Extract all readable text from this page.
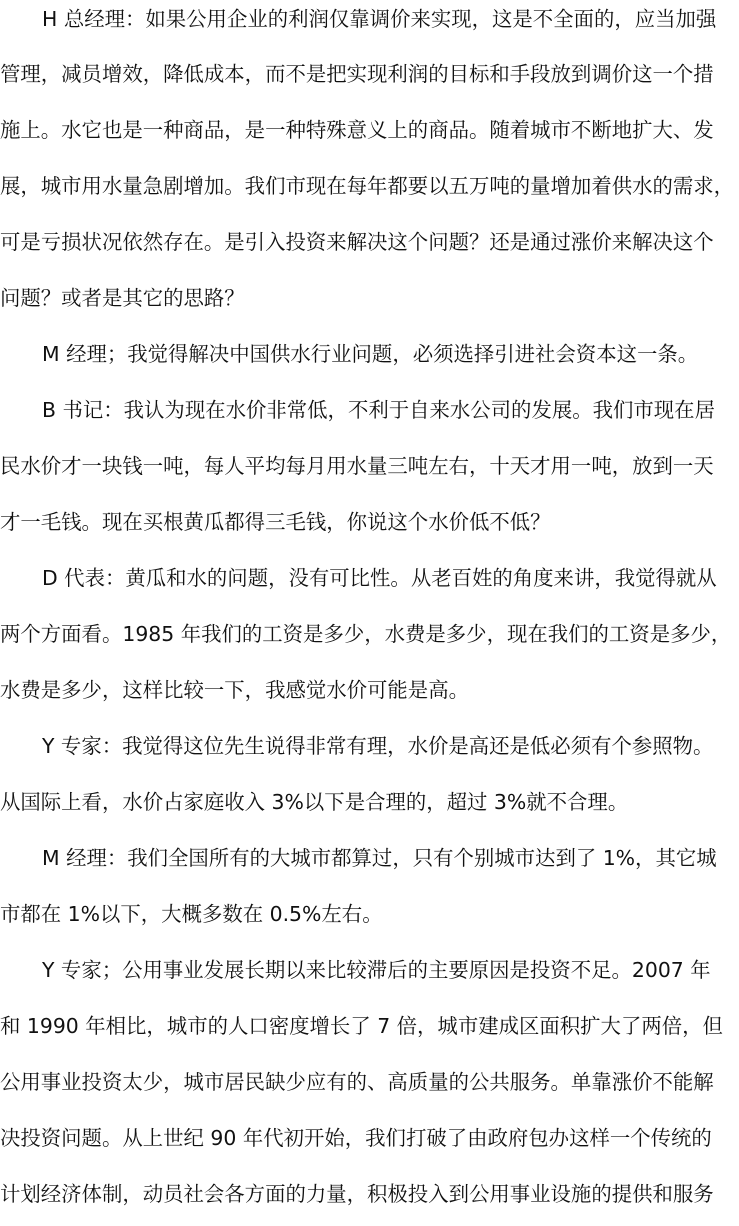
H 总经理：如果公用企业的利润仅靠调价来实现，这是不全面的，应当加强
管理，减员增效，降低成本，而不是把实现利润的目标和手段放到调价这一个措
施上。水它也是一种商品，是一种特殊意义上的商品。随着城市不断地扩大、发
展，城市用水量急剧增加。我们市现在每年都要以五万吨的量增加着供水的需求，
可是亏损状况依然存在。是引入投资来解决这个问题？还是通过涨价来解决这个
问题？或者是其它的思路？
M 经理；我觉得解决中国供水行业问题，必须选择引进社会资本这一条。
B 书记：我认为现在水价非常低，不利于自来水公司的发展。我们市现在居
民水价才一块钱一吨，每人平均每月用水量三吨左右，十天才用一吨，放到一天
才一毛钱。现在买根黄瓜都得三毛钱，你说这个水价低不低？
D 代表：黄瓜和水的问题，没有可比性。从老百姓的角度来讲，我觉得就从
两个方面看。1985 年我们的工资是多少，水费是多少，现在我们的工资是多少，
水费是多少，这样比较一下，我感觉水价可能是高。
Y 专家：我觉得这位先生说得非常有理，水价是高还是低必须有个参照物。
从国际上看，水价占家庭收入 3%以下是合理的，超过 3%就不合理。
M 经理：我们全国所有的大城市都算过，只有个别城市达到了 1%，其它城
市都在 1%以下，大概多数在 0.5%左右。
Y 专家；公用事业发展长期以来比较滞后的主要原因是投资不足。2007 年
和 1990 年相比，城市的人口密度增长了 7 倍，城市建成区面积扩大了两倍，但
公用事业投资太少，城市居民缺少应有的、高质量的公共服务。单靠涨价不能解
决投资问题。从上世纪 90 年代初开始，我们打破了由政府包办这样一个传统的
计划经济体制，动员社会各方面的力量，积极投入到公用事业设施的提供和服务
